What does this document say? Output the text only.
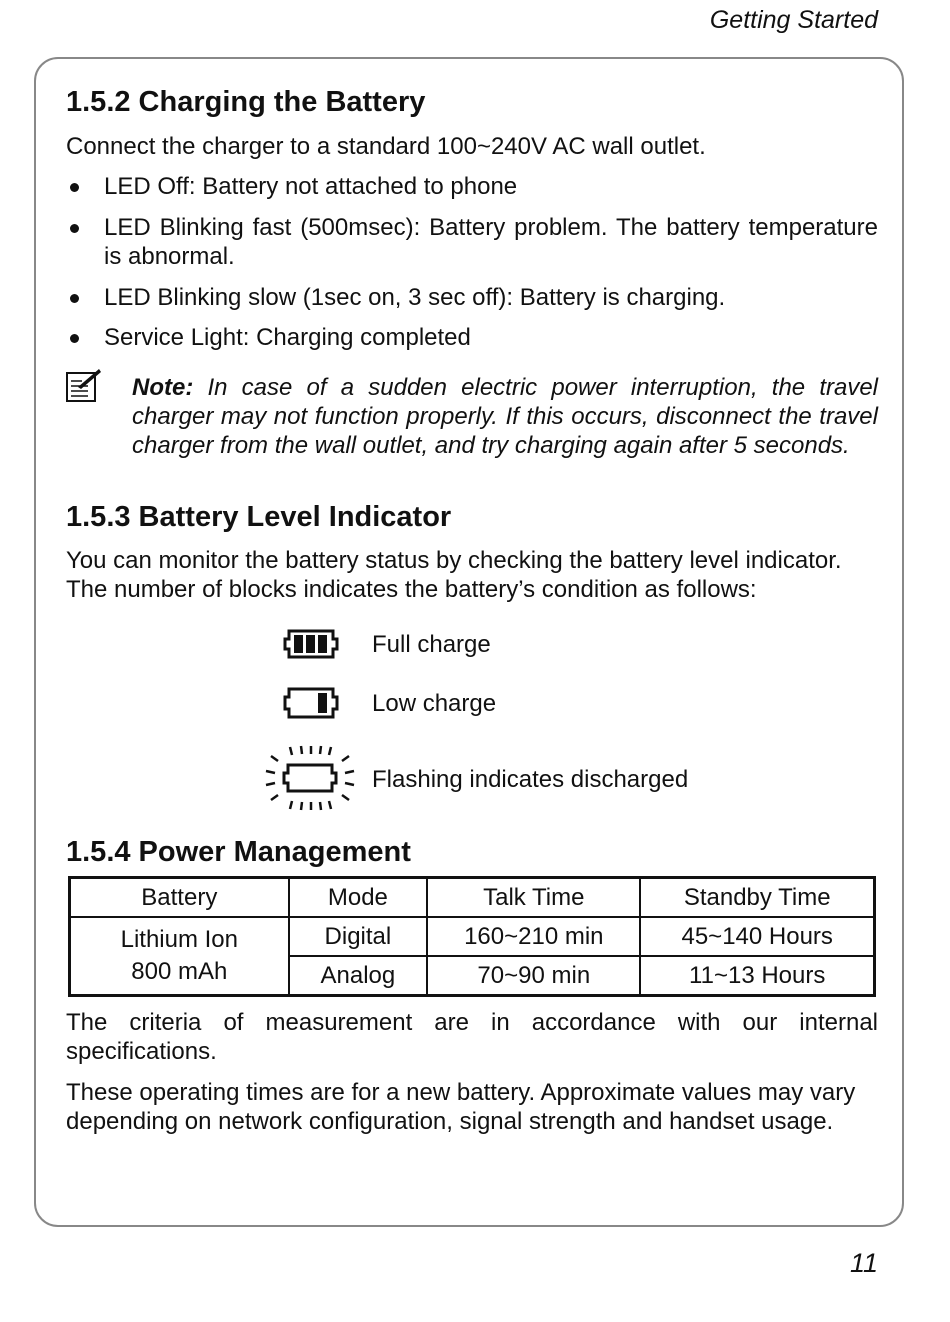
Getting Started
1.5.2 Charging the Battery

Connect the charger to a standard 100~240V AC wall outlet.

LED Off: Battery not attached to phone
LED Blinking fast (500msec): Battery problem. The battery temperature is abnormal.
LED Blinking slow (1sec on, 3 sec off): Battery is charging.
Service Light: Charging completed
Note: In case of a sudden electric power interruption, the travel charger may not function properly. If this occurs, disconnect the travel charger from the wall outlet, and try charging again after 5 seconds.
1.5.3 Battery Level Indicator

You can monitor the battery status by checking the battery level indicator.

The number of blocks indicates the battery’s condition as follows:

Full charge
Low charge
Flashing indicates discharged
1.5.4 Power Management
Battery	Mode	Talk Time	Standby Time

Lithium Ion
800 mAh	Digital	160~210 min	45~140 Hours
	Analog	70~90 min	11~13 Hours

The criteria of measurement are in accordance with our internal specifications.

These operating times are for a new battery. Approximate values may vary depending on network configuration, signal strength and handset usage.

11
